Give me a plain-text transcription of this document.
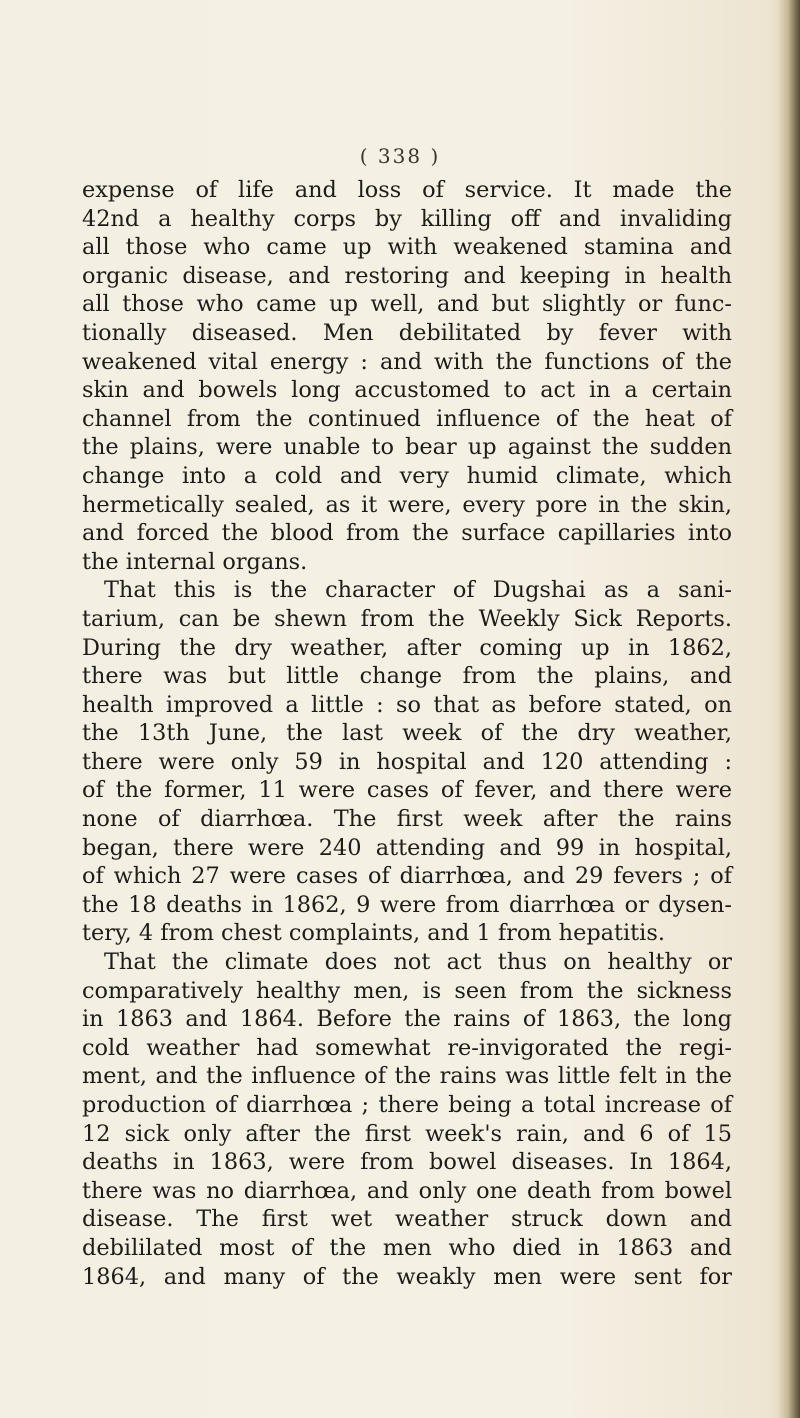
( 338 )
expense of life and loss of service. It made the
42nd a healthy corps by killing off and invaliding
all those who came up with weakened stamina and
organic disease, and restoring and keeping in health
all those who came up well, and but slightly or func-
tionally diseased. Men debilitated by fever with
weakened vital energy : and with the functions of the
skin and bowels long accustomed to act in a certain
channel from the continued influence of the heat of
the plains, were unable to bear up against the sudden
change into a cold and very humid climate, which
hermetically sealed, as it were, every pore in the skin,
and forced the blood from the surface capillaries into
the internal organs.
That this is the character of Dugshai as a sani-
tarium, can be shewn from the Weekly Sick Reports.
During the dry weather, after coming up in 1862,
there was but little change from the plains, and
health improved a little : so that as before stated, on
the 13th June, the last week of the dry weather,
there were only 59 in hospital and 120 attending :
of the former, 11 were cases of fever, and there were
none of diarrhœa. The first week after the rains
began, there were 240 attending and 99 in hospital,
of which 27 were cases of diarrhœa, and 29 fevers ; of
the 18 deaths in 1862, 9 were from diarrhœa or dysen-
tery, 4 from chest complaints, and 1 from hepatitis.
That the climate does not act thus on healthy or
comparatively healthy men, is seen from the sickness
in 1863 and 1864. Before the rains of 1863, the long
cold weather had somewhat re-invigorated the regi-
ment, and the influence of the rains was little felt in the
production of diarrhœa ; there being a total increase of
12 sick only after the first week's rain, and 6 of 15
deaths in 1863, were from bowel diseases. In 1864,
there was no diarrhœa, and only one death from bowel
disease. The first wet weather struck down and
debililated most of the men who died in 1863 and
1864, and many of the weakly men were sent for
